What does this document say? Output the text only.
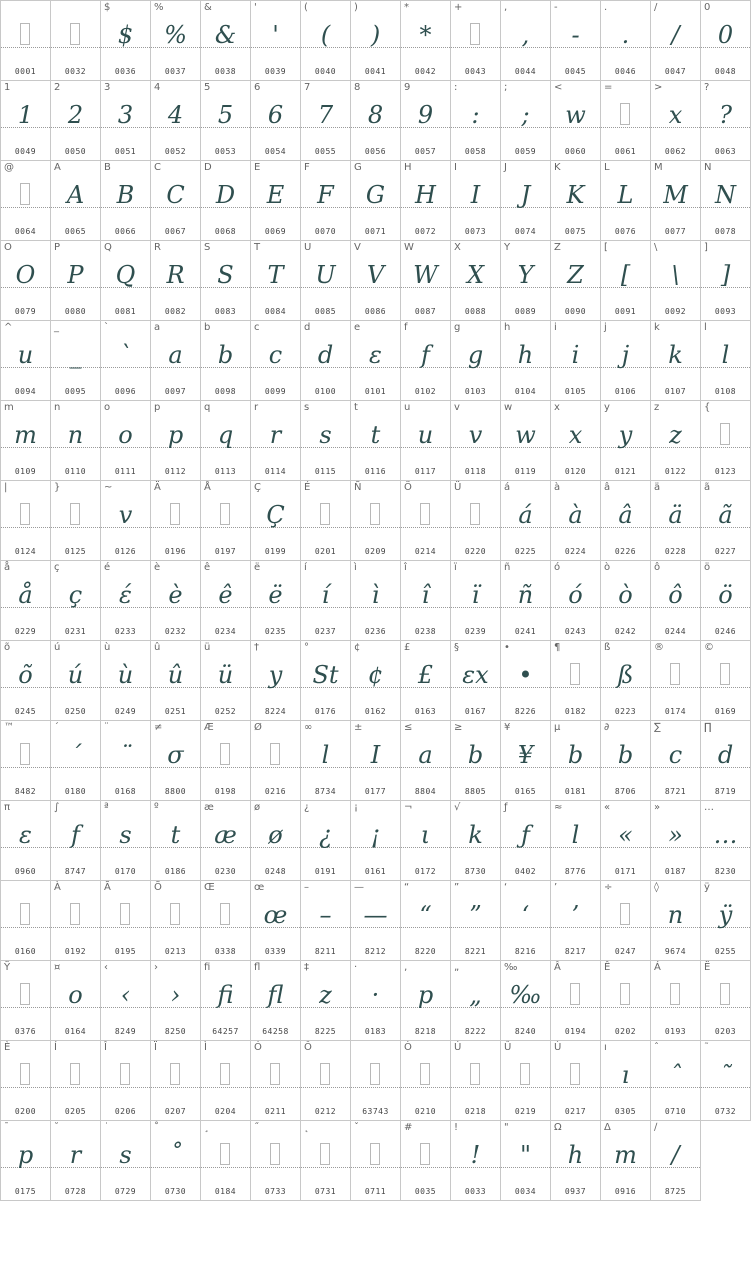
0001	0032
$
$
0036
%
%
0037
&
&
0038
'
'
0039
(
(
0040
)
)
0041
*
*
0042
+
0043
,
,
0044
-
-
0045
.
.
0046
/
/
0047
0
0
0048
1
1
0049
2
2
0050
3
3
0051
4
4
0052
5
5
0053
6
6
0054
7
7
0055
8
8
0056
9
9
0057
:
:
0058
;
;
0059
<
w
0060
=
0061
>
x
0062
?
?
0063
@
0064
A
A
0065
B
B
0066
C
C
0067
D
D
0068
E
E
0069
F
F
0070
G
G
0071
H
H
0072
I
I
0073
J
J
0074
K
K
0075
L
L
0076
M
M
0077
N
N
0078
O
O
0079
P
P
0080
Q
Q
0081
R
R
0082
S
S
0083
T
T
0084
U
U
0085
V
V
0086
W
W
0087
X
X
0088
Y
Y
0089
Z
Z
0090
[
[
0091
\
\
0092
]
]
0093
^
u
0094
_
_
0095
`
`
0096
a
a
0097
b
b
0098
c
c
0099
d
d
0100
e
ε
0101
f
f
0102
g
g
0103
h
h
0104
i
i
0105
j
j
0106
k
k
0107
l
l
0108
m
m
0109
n
n
0110
o
o
0111
p
p
0112
q
q
0113
r
r
0114
s
s
0115
t
t
0116
u
u
0117
v
v
0118
w
w
0119
x
x
0120
y
y
0121
z
z
0122
{
0123
|
0124
}
0125
~
v
0126
Ä
0196
Å
0197
Ç
Ç
0199
É
0201
Ñ
0209
Ö
0214
Ü
0220
á
á
0225
à
à
0224
â
â
0226
ä
ä
0228
ã
ã
0227
å
å
0229
ç
ç
0231
é
έ
0233
è
è
0232
ê
ê
0234
ë
ë
0235
í
í
0237
ì
ì
0236
î
î
0238
ï
ï
0239
ñ
ñ
0241
ó
ó
0243
ò
ò
0242
ô
ô
0244
ö
ö
0246
õ
õ
0245
ú
ú
0250
ù
ù
0249
û
û
0251
ü
ü
0252
†
y
8224
°
St
0176
¢
¢
0162
£
£
0163
§
εx
0167
•
•
8226
¶
0182
ß
ß
0223
®
0174
©
0169
™
8482
´
´
0180
¨
¨
0168
≠
σ
8800
Æ
0198
Ø
0216
∞
l
8734
±
I
0177
≤
a
8804
≥
b
8805
¥
¥
0165
µ
b
0181
∂
b
8706
∑
c
8721
∏
d
8719
π
ε
0960
∫
f
8747
ª
s
0170
º
t
0186
æ
æ
0230
ø
ø
0248
¿
¿
0191
¡
¡
0161
¬
ι
0172
√
k
8730
ƒ
ƒ
0402
≈
l
8776
«
«
0171
»
»
0187
…
…
8230
0160
À
0192
Ã
0195
Õ
0213
Œ
0338
œ
œ
0339
–
–
8211
—
—
8212
“
“
8220
”
”
8221
‘
‘
8216
’
’
8217
÷
0247
◊
n
9674
ÿ
ÿ
0255
Ÿ
0376
¤
o
0164
‹
‹
8249
›
›
8250
ﬁ
ﬁ
64257
ﬂ
ﬂ
64258
‡
z
8225
·
·
0183
‚
p
8218
„
„
8222
‰
‰
8240
Â
0194
Ê
0202
Á
0193
Ë
0203
È
0200
Í
0205
Î
0206
Ï
0207
Ì
0204
Ó
0211
Ô
0212	63743
Ò
0210
Ú
0218
Û
0219
Ù
0217
ı
ı
0305
ˆ
ˆ
0710
˜
˜
0732
¯
p
0175
˘
r
0728
˙
s
0729
˚
˚
0730
¸
0184
˝
0733
˛
0731
ˇ
0711
#
0035
!
!
0033
"
"
0034
Ω
h
0937
Δ
m
0916
∕
/
8725
